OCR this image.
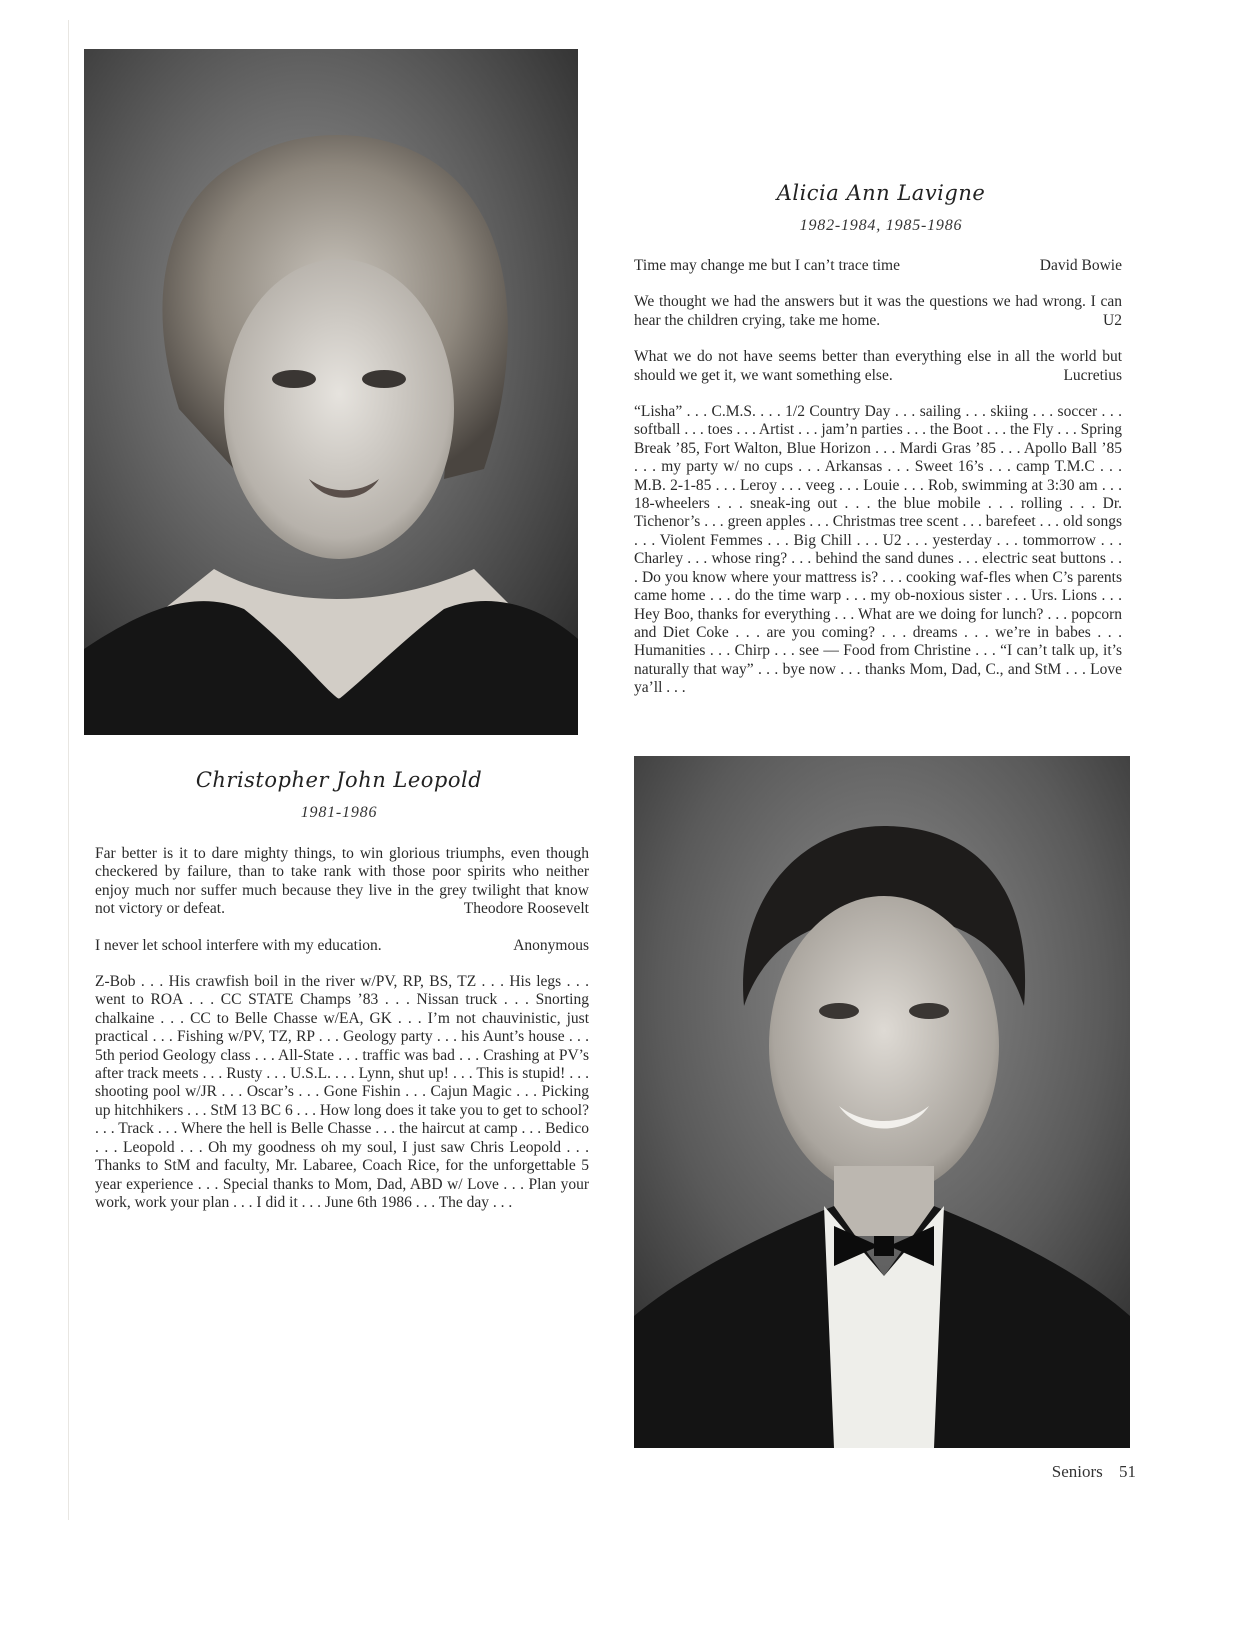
Alicia Ann Lavigne
1982-1984, 1985-1986
Time may change me but I can’t trace time	David Bowie
We thought we had the answers but it was the questions we had wrong. I can hear the children crying, take me home.	U2
What we do not have seems better than everything else in all the world but should we get it, we want something else.	Lucretius

“Lisha” . . . C.M.S. . . . 1/2 Country Day . . . sailing . . . skiing . . . soccer . . . softball . . . toes . . . Artist . . . jam’n parties . . . the Boot . . . the Fly . . . Spring Break ’85, Fort Walton, Blue Horizon . . . Mardi Gras ’85 . . . Apollo Ball ’85 . . . my party w/ no cups . . . Arkansas . . . Sweet 16’s . . . camp T.M.C . . . M.B. 2-1-85 . . . Leroy . . . veeg . . . Louie . . . Rob, swimming at 3:30 am . . . 18-wheelers . . . sneak-ing out . . . the blue mobile . . . rolling . . . Dr. Tichenor’s . . . green apples . . . Christmas tree scent . . . barefeet . . . old songs . . . Violent Femmes . . . Big Chill . . . U2 . . . yesterday . . . tommorrow . . . Charley . . . whose ring? . . . behind the sand dunes . . . electric seat buttons . . . Do you know where your mattress is? . . . cooking waf-fles when C’s parents came home . . . do the time warp . . . my ob-noxious sister . . . Urs. Lions . . . Hey Boo, thanks for everything . . . What are we doing for lunch? . . . popcorn and Diet Coke . . . are you coming? . . . dreams . . . we’re in babes . . . Humanities . . . Chirp . . . see — Food from Christine . . . “I can’t talk up, it’s naturally that way” . . . bye now . . . thanks Mom, Dad, C., and StM . . . Love ya’ll . . .

Christopher John Leopold
1981-1986
Far better is it to dare mighty things, to win glorious triumphs, even though checkered by failure, than to take rank with those poor spirits who neither enjoy much nor suffer much because they live in the grey twilight that know not victory or defeat.	Theodore Roosevelt
I never let school interfere with my education.	Anonymous

Z-Bob . . . His crawfish boil in the river w/PV, RP, BS, TZ . . . His legs . . . went to ROA . . . CC STATE Champs ’83 . . . Nissan truck . . . Snorting chalkaine . . . CC to Belle Chasse w/EA, GK . . . I’m not chauvinistic, just practical . . . Fishing w/PV, TZ, RP . . . Geology party . . . his Aunt’s house . . . 5th period Geology class . . . All-State . . . traffic was bad . . . Crashing at PV’s after track meets . . . Rusty . . . U.S.L. . . . Lynn, shut up! . . . This is stupid! . . . shooting pool w/JR . . . Oscar’s . . . Gone Fishin . . . Cajun Magic . . . Picking up hitchhikers . . . StM 13 BC 6 . . . How long does it take you to get to school? . . . Track . . . Where the hell is Belle Chasse . . . the haircut at camp . . . Bedico . . . Leopold . . . Oh my goodness oh my soul, I just saw Chris Leopold . . . Thanks to StM and faculty, Mr. Labaree, Coach Rice, for the unforgettable 5 year experience . . . Special thanks to Mom, Dad, ABD w/ Love . . . Plan your work, work your plan . . . I did it . . . June 6th 1986 . . . The day . . .

Seniors 51
